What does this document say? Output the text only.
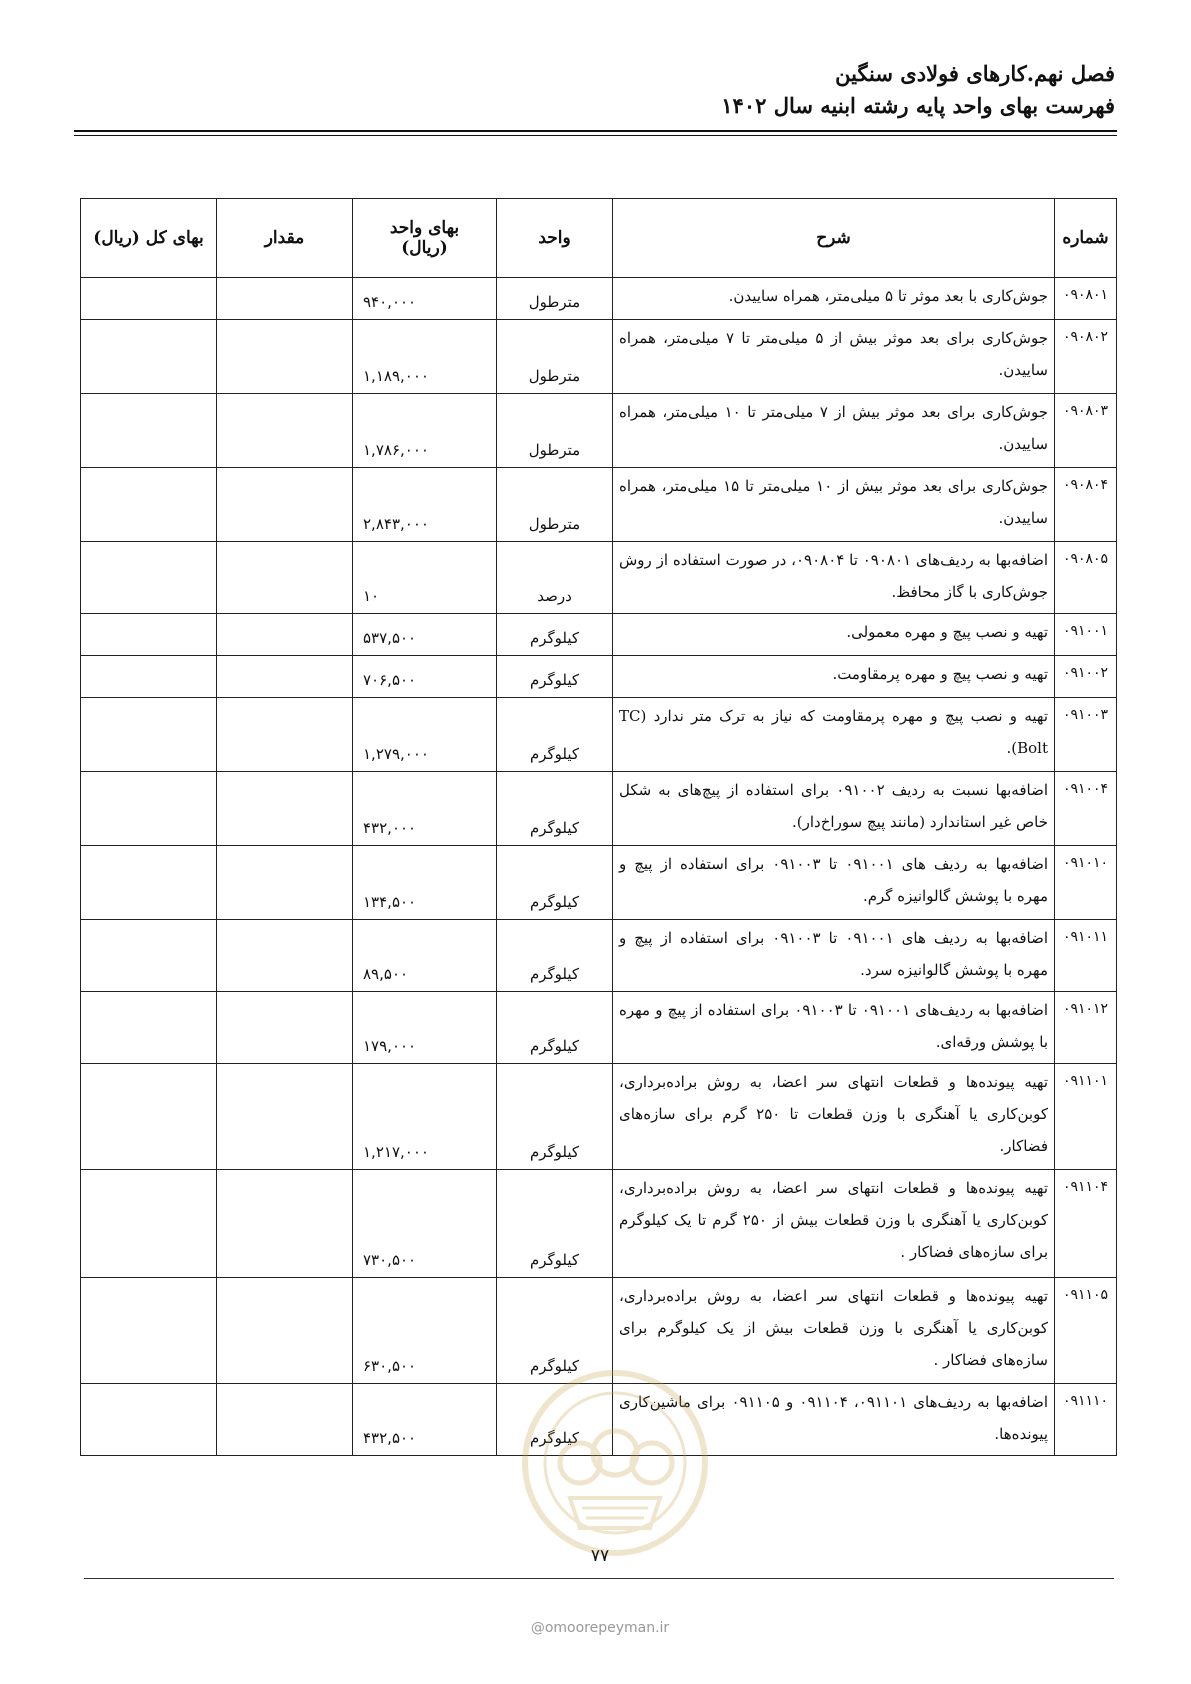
فصل نهم.کارهای فولادی سنگین
فهرست بهای واحد پایه رشته ابنیه سال ۱۴۰۲
شماره	شرح	واحد	بهای واحد (ریال)	مقدار	بهای کل (ریال)
۰۹۰۸۰۱	جوش‌کاری با بعد موثر تا ۵ میلی‌متر، همراه ساییدن.	مترطول	۹۴۰,۰۰۰		
۰۹۰۸۰۲	جوش‌کاری برای بعد موثر بیش از ۵ میلی‌متر تا ۷ میلی‌متر، همراه ساییدن.	مترطول	۱,۱۸۹,۰۰۰		
۰۹۰۸۰۳	جوش‌کاری برای بعد موثر بیش از ۷ میلی‌متر تا ۱۰ میلی‌متر، همراه ساییدن.	مترطول	۱,۷۸۶,۰۰۰		
۰۹۰۸۰۴	جوش‌کاری برای بعد موثر بیش از ۱۰ میلی‌متر تا ۱۵ میلی‌متر، همراه ساییدن.	مترطول	۲,۸۴۳,۰۰۰		
۰۹۰۸۰۵	اضافه‌بها به ردیف‌های ۰۹۰۸۰۱ تا ۰۹۰۸۰۴، در صورت استفاده از روش جوش‌کاری با گاز محافظ.	درصد	۱۰		
۰۹۱۰۰۱	تهیه و نصب پیچ و مهره معمولی.	کیلوگرم	۵۳۷,۵۰۰		
۰۹۱۰۰۲	تهیه و نصب پیچ و مهره پرمقاومت.	کیلوگرم	۷۰۶,۵۰۰		
۰۹۱۰۰۳	تهیه و نصب پیچ و مهره پرمقاومت که نیاز به ترک متر ندارد (TC Bolt).	کیلوگرم	۱,۲۷۹,۰۰۰		
۰۹۱۰۰۴	اضافه‌بها نسبت به ردیف ۰۹۱۰۰۲ برای استفاده از پیچ‌های به شکل خاص غیر استاندارد (مانند پیچ سوراخ‌دار).	کیلوگرم	۴۳۲,۰۰۰		
۰۹۱۰۱۰	اضافه‌بها به ردیف های ۰۹۱۰۰۱ تا ۰۹۱۰۰۳ برای استفاده از پیچ و مهره با پوشش گالوانیزه گرم.	کیلوگرم	۱۳۴,۵۰۰		
۰۹۱۰۱۱	اضافه‌بها به ردیف های ۰۹۱۰۰۱ تا ۰۹۱۰۰۳ برای استفاده از پیچ و مهره با پوشش گالوانیزه سرد.	کیلوگرم	۸۹,۵۰۰		
۰۹۱۰۱۲	اضافه‌بها به ردیف‌های ۰۹۱۰۰۱ تا ۰۹۱۰۰۳ برای استفاده از پیچ و مهره با پوشش ورقه‌ای.	کیلوگرم	۱۷۹,۰۰۰		
۰۹۱۱۰۱	تهیه پیونده‌ها و قطعات انتهای سر اعضا، به روش براده‌برداری، کوبن‌کاری یا آهنگری با وزن قطعات تا ۲۵۰ گرم برای سازه‌های فضاکار.	کیلوگرم	۱,۲۱۷,۰۰۰		
۰۹۱۱۰۴	تهیه پیونده‌ها و قطعات انتهای سر اعضا، به روش براده‌برداری، کوبن‌کاری یا آهنگری با وزن قطعات بیش از ۲۵۰ گرم تا یک کیلوگرم برای سازه‌های فضاکار .	کیلوگرم	۷۳۰,۵۰۰		
۰۹۱۱۰۵	تهیه پیونده‌ها و قطعات انتهای سر اعضا، به روش براده‌برداری، کوبن‌کاری یا آهنگری با وزن قطعات بیش از یک کیلوگرم برای سازه‌های فضاکار .	کیلوگرم	۶۳۰,۵۰۰		
۰۹۱۱۱۰	اضافه‌بها به ردیف‌های ۰۹۱۱۰۱، ۰۹۱۱۰۴ و ۰۹۱۱۰۵ برای ماشین‌کاری پیونده‌ها.	کیلوگرم	۴۳۲,۵۰۰		
۷۷
@omoorepeyman.ir
